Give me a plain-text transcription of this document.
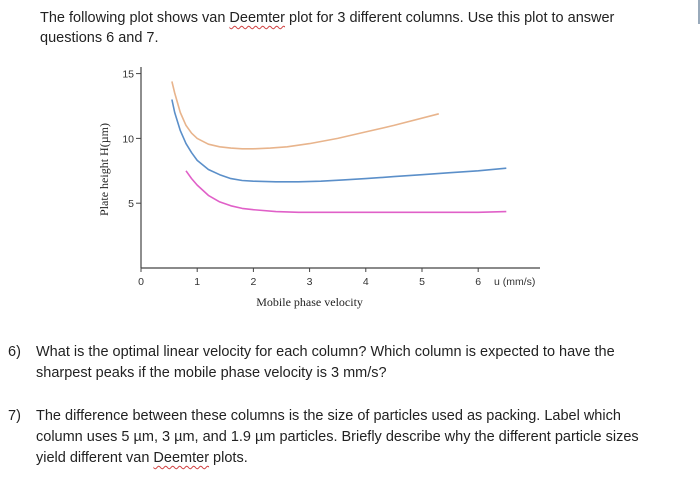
The following plot shows van Deemter plot for 3 different columns. Use this plot to answer
questions 6 and 7.
0	1	2	3	4	5	6
5
10
15
u (mm/s)
Mobile phase velocity
Plate height H(µm)
6) What is the optimal linear velocity for each column? Which column is expected to have the
sharpest peaks if the mobile phase velocity is 3 mm/s?
7) The difference between these columns is the size of particles used as packing. Label which
column uses 5 µm, 3 µm, and 1.9 µm particles. Briefly describe why the different particle sizes
yield different van Deemter plots.
